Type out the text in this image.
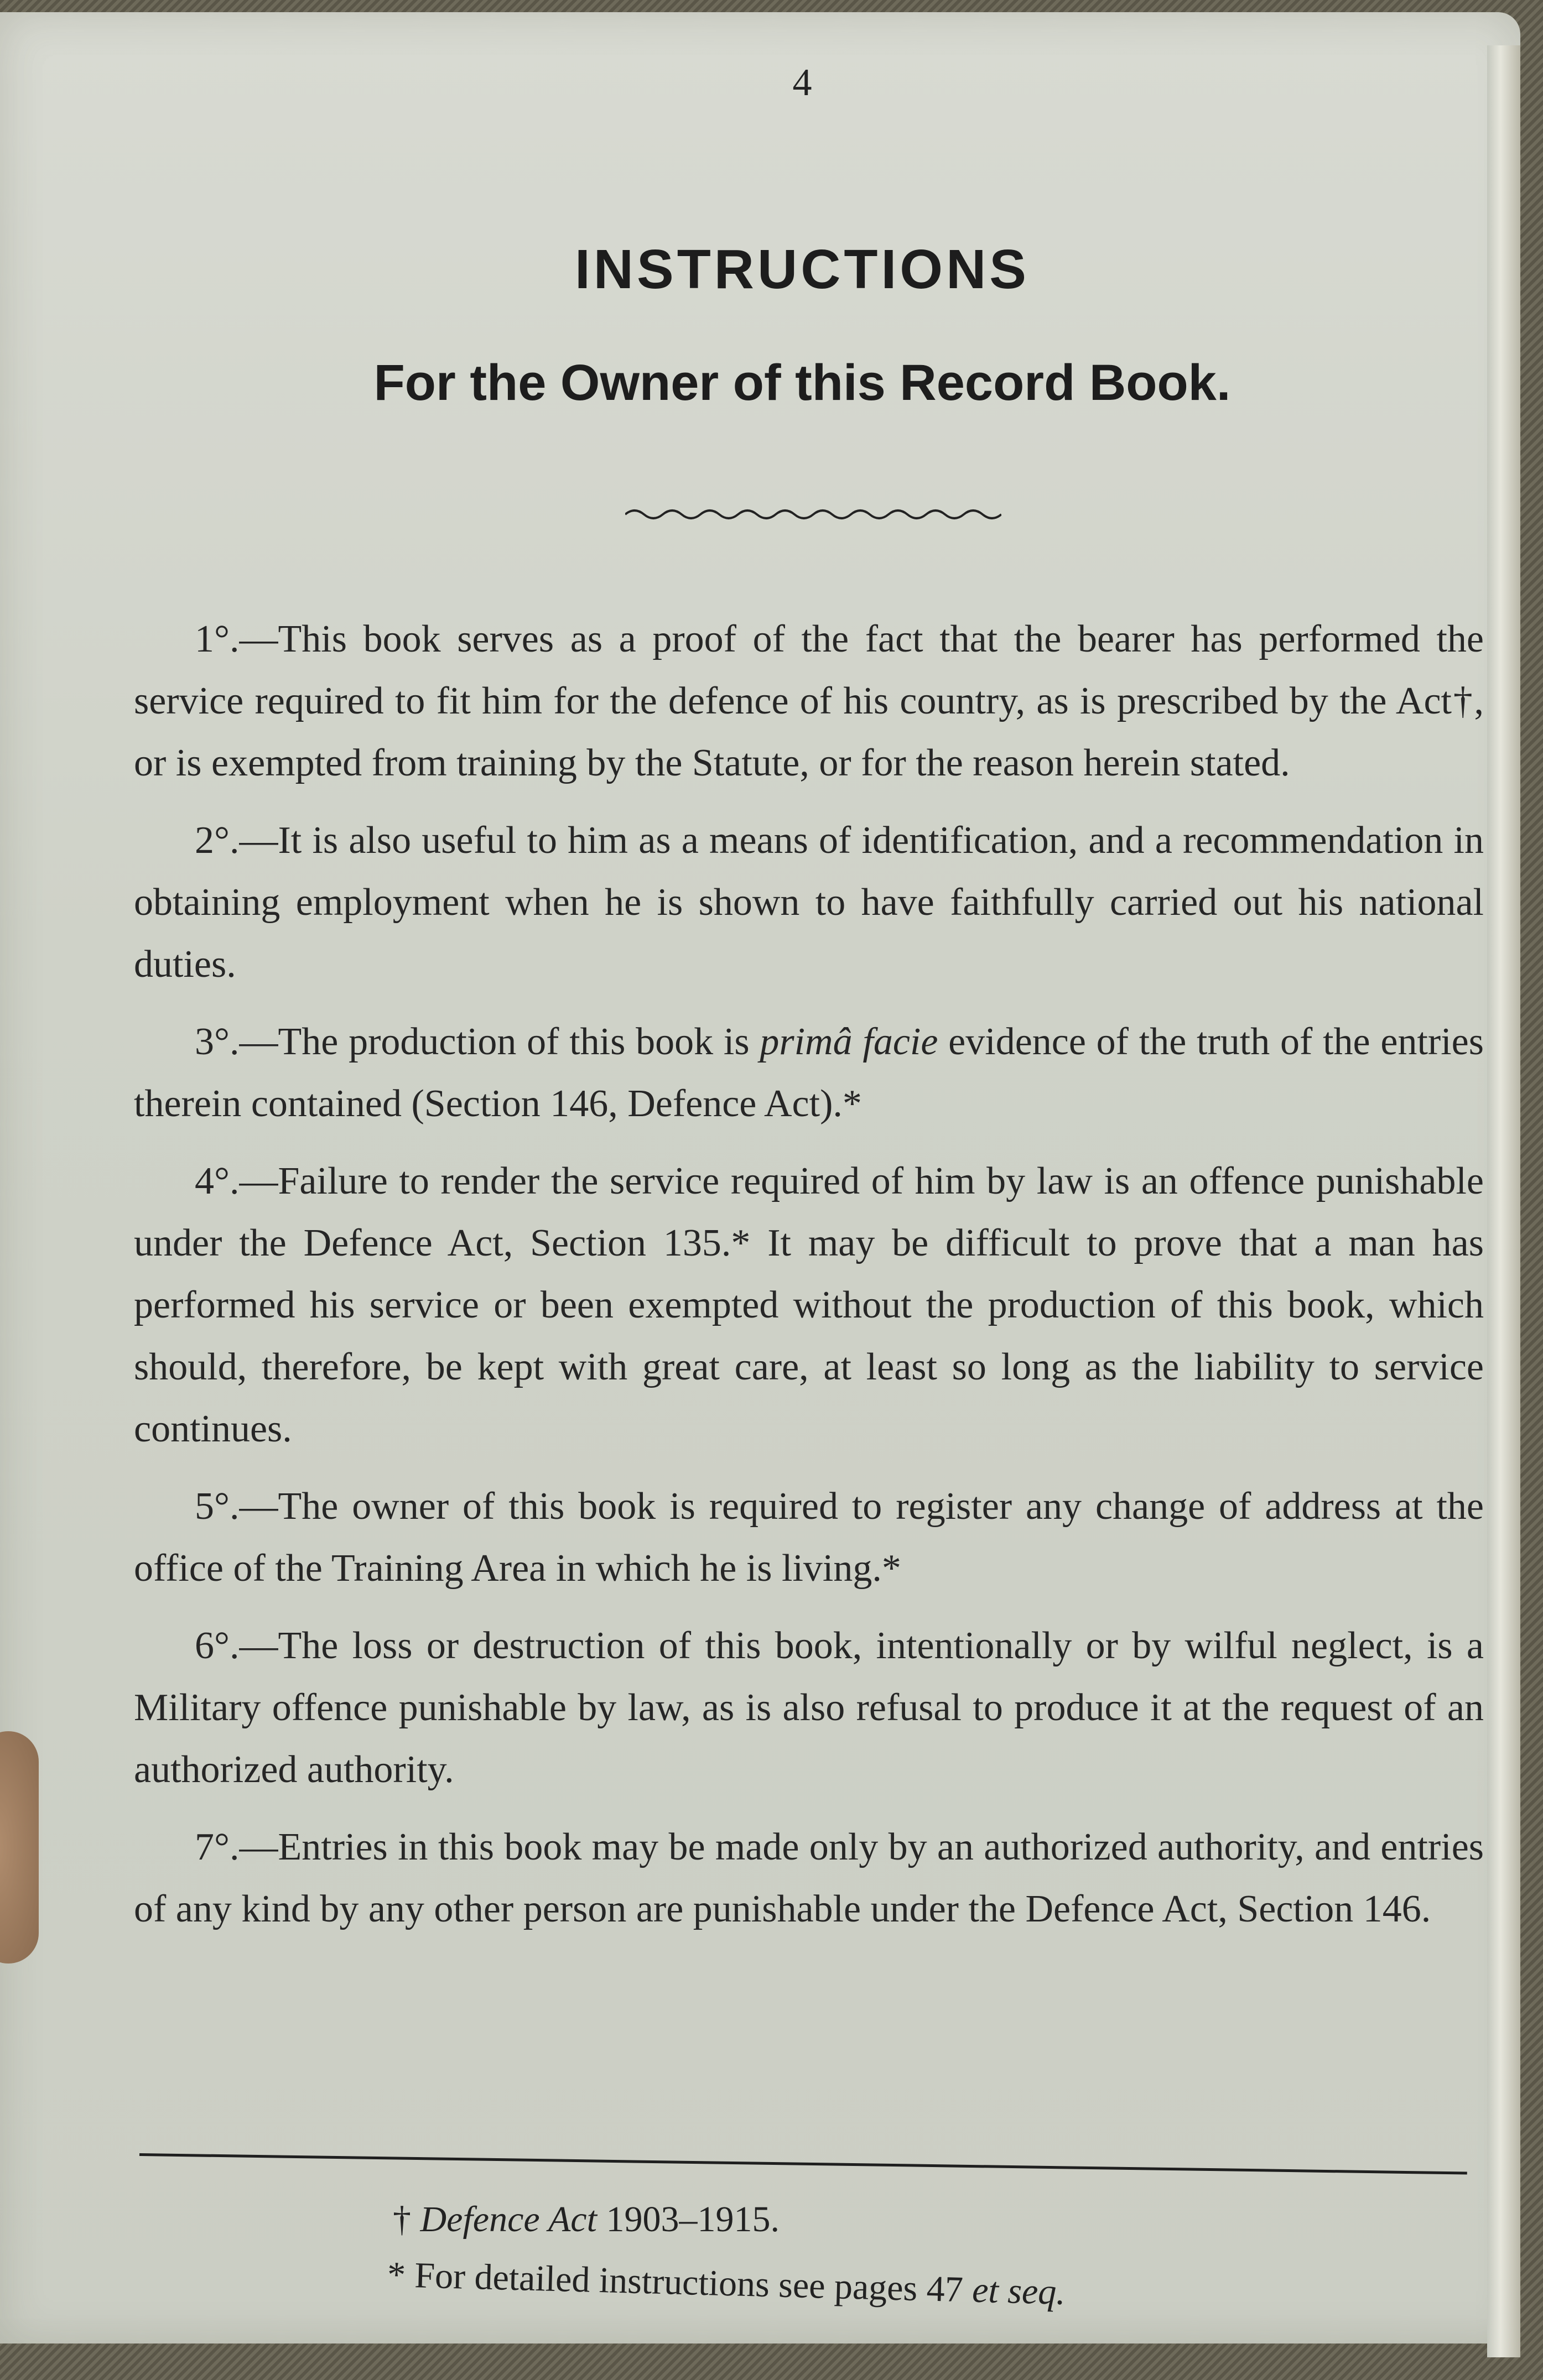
4
INSTRUCTIONS
For the Owner of this Record Book.

1°.—This book serves as a proof of the fact that the bearer has performed the service required to fit him for the defence of his country, as is prescribed by the Act†, or is exempted from training by the Statute, or for the reason herein stated.

2°.—It is also useful to him as a means of identification, and a recommendation in obtaining employment when he is shown to have faithfully carried out his national duties.

3°.—The production of this book is primâ facie evidence of the truth of the entries therein contained (Section 146, Defence Act).*

4°.—Failure to render the service required of him by law is an offence punishable under the Defence Act, Section 135.* It may be difficult to prove that a man has performed his service or been exempted without the production of this book, which should, therefore, be kept with great care, at least so long as the liability to service continues.

5°.—The owner of this book is required to register any change of address at the office of the Training Area in which he is living.*

6°.—The loss or destruction of this book, intentionally or by wilful neglect, is a Military offence punishable by law, as is also refusal to produce it at the request of an authorized authority.

7°.—Entries in this book may be made only by an authorized authority, and entries of any kind by any other person are punishable under the Defence Act, Section 146.

† Defence Act 1903–1915.
* For detailed instructions see pages 47 et seq.
